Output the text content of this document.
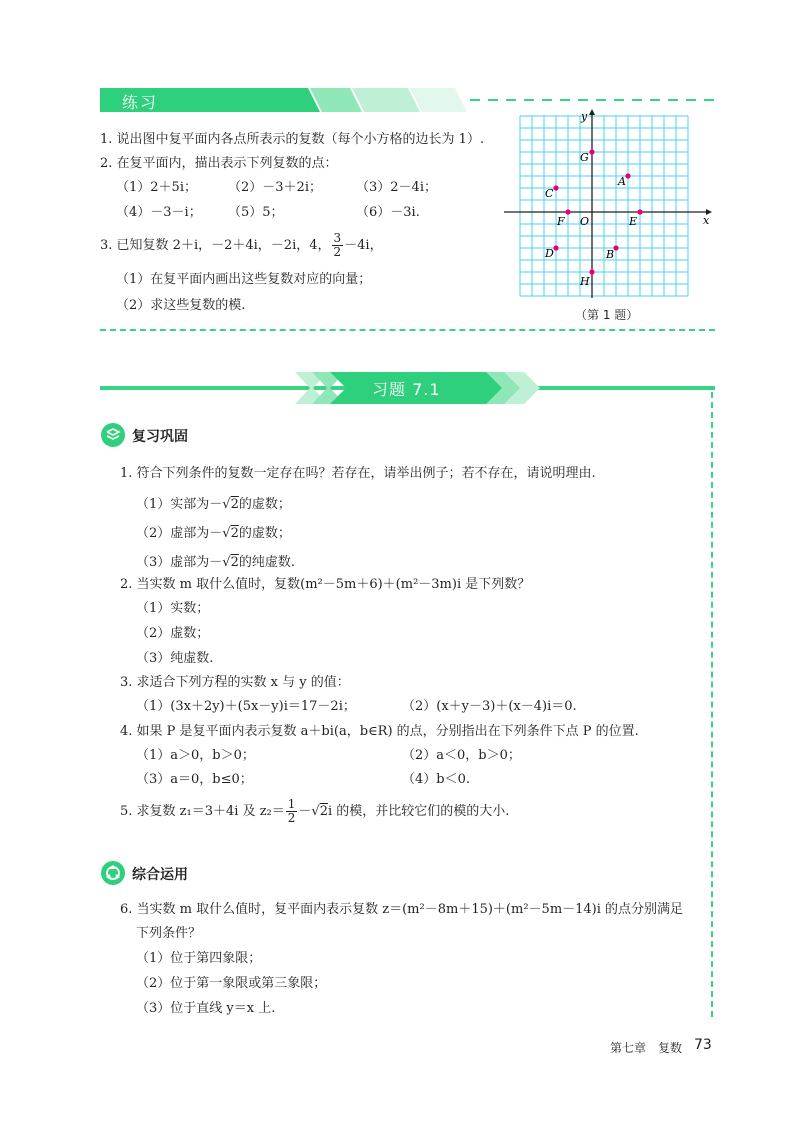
练习
1. 说出图中复平面内各点所表示的复数（每个小方格的边长为 1）.
2. 在复平面内，描出表示下列复数的点：
（1）2＋5i； （2）－3＋2i；	（3）2－4i；
（4）－3－i； （5）5；	（6）－3i.
3. 已知复数 2＋i，－2＋4i，－2i，4， $\frac{3}{2} -4i$，
（1）在复平面内画出这些复数对应的向量；
（2）求这些复数的模.
x
y
O
A
B
C
D
E
F
G
H
（第 1 题）
习题 7.1
复习巩固
1. 符合下列条件的复数一定存在吗？若存在，请举出例子；若不存在，请说明理由.
（1）实部为－√2的虚数；
（2）虚部为－√2的虚数；
（3）虚部为－√2的纯虚数.
2. 当实数 m 取什么值时，复数(m²－5m＋6)＋(m²－3m)i 是下列数？
（1）实数；
（2）虚数；
（3）纯虚数.
3. 求适合下列方程的实数 x 与 y 的值：
（1）(3x＋2y)＋(5x－y)i＝17－2i；	（2）(x＋y－3)＋(x－4)i＝0.
4. 如果 P 是复平面内表示复数 a＋bi(a，b∈R) 的点，分别指出在下列条件下点 P 的位置.
（1）a＞0，b＞0；	（2）a＜0，b＞0；
（3）a＝0，b≤0；	（4）b＜0.
5. 求复数 z₁＝3＋4i 及 $z_2= \frac{1}{2} -√2i$ 的模，并比较它们的模的大小.
综合运用
6. 当实数 m 取什么值时，复平面内表示复数 z＝(m²－8m＋15)＋(m²－5m－14)i 的点分别满足
下列条件？
（1）位于第四象限；
（2）位于第一象限或第三象限；
（3）位于直线 y＝x 上.
第七章　复数 73
